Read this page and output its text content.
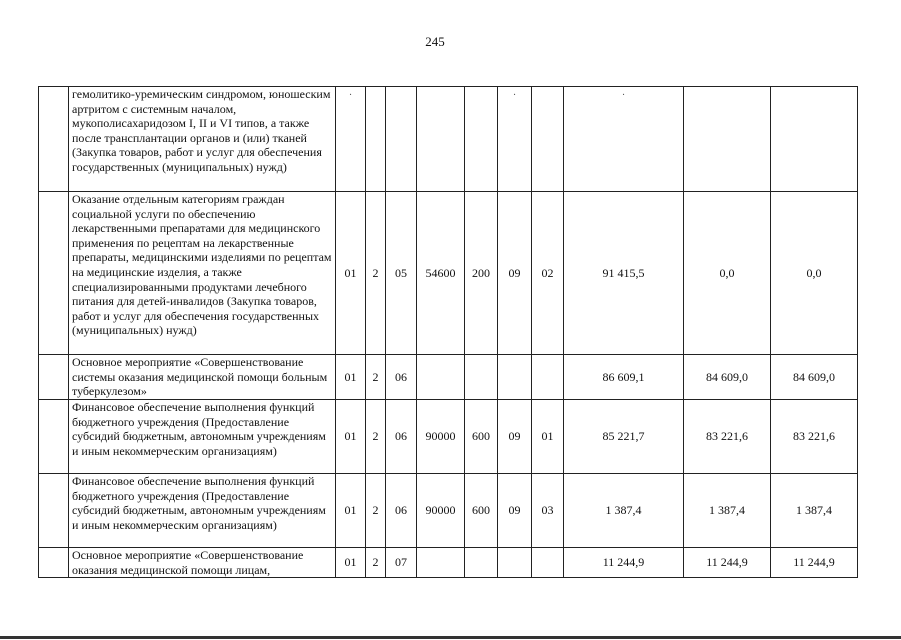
245
	гемолитико-уремическим синдромом, юношеским артритом с системным началом, мукополисахаридозом I, II и VI типов, а также после трансплантации органов и (или) тканей (Закупка товаров, работ и услуг для обеспечения государственных (муниципальных) нужд)	·					·		·		
	Оказание отдельным категориям граждан социальной услуги по обеспечению лекарственными препаратами для медицинского применения по рецептам на лекарственные препараты, медицинскими изделиями по рецептам на медицинские изделия, а также специализированными продуктами лечебного питания для детей-инвалидов (Закупка товаров, работ и услуг для обеспечения государственных (муниципальных) нужд)	01	2	05	54600	200	09	02	91 415,5	0,0	0,0
	Основное мероприятие «Совершенствование системы оказания медицинской помощи больным туберкулезом»	01	2	06					86 609,1	84 609,0	84 609,0
	Финансовое обеспечение выполнения функций бюджетного учреждения (Предоставление субсидий бюджетным, автономным учреждениям и иным некоммерческим организациям)	01	2	06	90000	600	09	01	85 221,7	83 221,6	83 221,6
	Финансовое обеспечение выполнения функций бюджетного учреждения (Предоставление субсидий бюджетным, автономным учреждениям и иным некоммерческим организациям)	01	2	06	90000	600	09	03	1 387,4	1 387,4	1 387,4
	Основное мероприятие «Совершенствование оказания медицинской помощи лицам,	01	2	07					11 244,9	11 244,9	11 244,9
